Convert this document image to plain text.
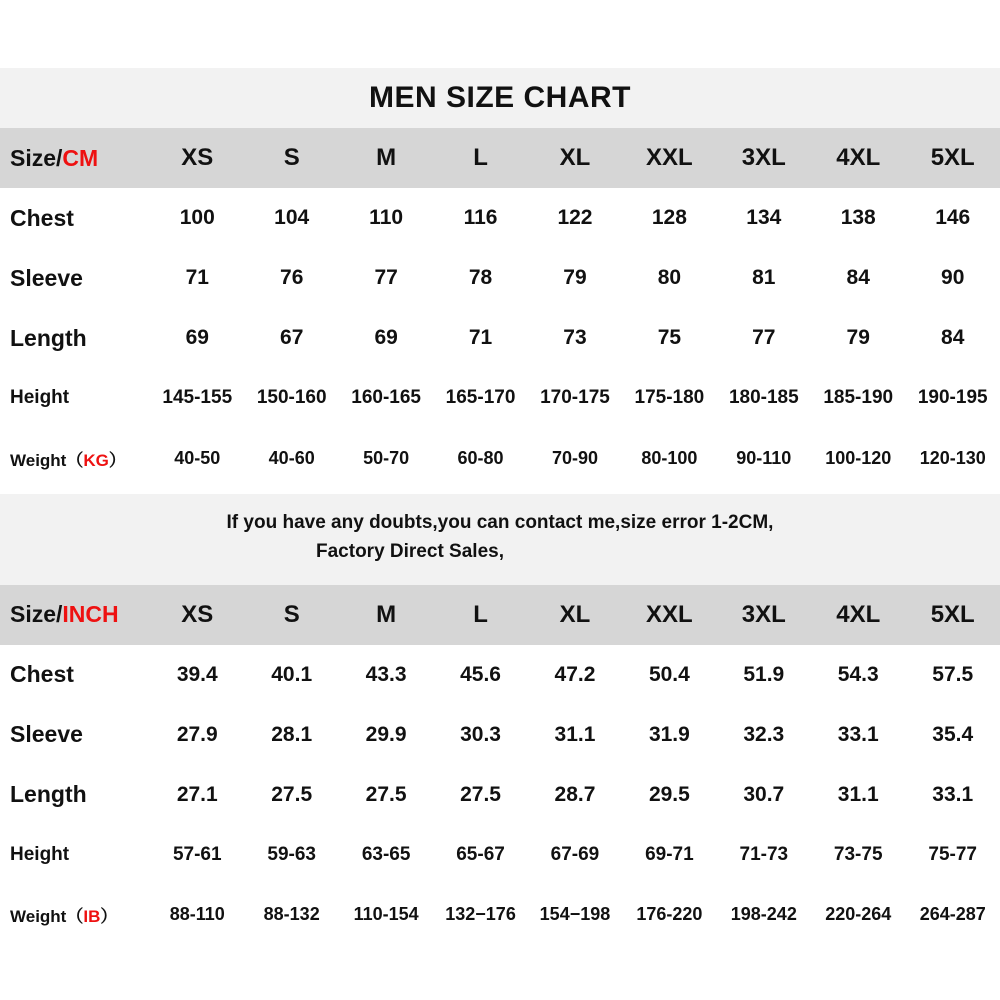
MEN SIZE CHART
Size/CM	XS	S	M	L	XL	XXL	3XL	4XL	5XL
Chest	100	104	110	116	122	128	134	138	146
Sleeve	71	76	77	78	79	80	81	84	90
Length	69	67	69	71	73	75	77	79	84
Height	145-155	150-160	160-165	165-170	170-175	175-180	180-185	185-190	190-195
Weight（KG）	40-50	40-60	50-70	60-80	70-90	80-100	90-110	100-120	120-130
If you have any doubts,you can contact me,size error 1-2CM,
Factory Direct Sales,
Size/INCH	XS	S	M	L	XL	XXL	3XL	4XL	5XL
Chest	39.4	40.1	43.3	45.6	47.2	50.4	51.9	54.3	57.5
Sleeve	27.9	28.1	29.9	30.3	31.1	31.9	32.3	33.1	35.4
Length	27.1	27.5	27.5	27.5	28.7	29.5	30.7	31.1	33.1
Height	57-61	59-63	63-65	65-67	67-69	69-71	71-73	73-75	75-77
Weight（IB）	88-110	88-132	110-154	132−176	154−198	176-220	198-242	220-264	264-287
